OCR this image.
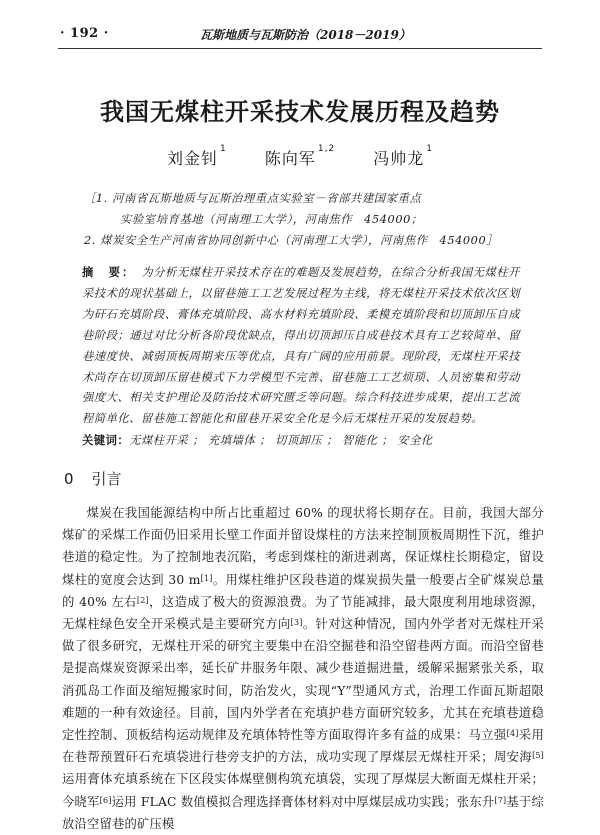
· 192 ·	瓦斯地质与瓦斯防治（2018－2019）
我国无煤柱开采技术发展历程及趋势
刘金钊 $^1$ 陈向军 $^{1,2}$ 冯帅龙 $^1$
［1. 河南省瓦斯地质与瓦斯治理重点实验室－省部共建国家重点
实验室培育基地（河南理工大学），河南焦作　454000；
2. 煤炭安全生产河南省协同创新中心（河南理工大学），河南焦作　454000］
摘　要： 为分析无煤柱开采技术存在的难题及发展趋势，在综合分析我国无煤柱开采技术的现状基础上，以留巷施工工艺发展过程为主线，将无煤柱开采技术依次区划为矸石充填阶段、膏体充填阶段、高水材料充填阶段、柔模充填阶段和切顶卸压自成巷阶段；通过对比分析各阶段优缺点，得出切顶卸压自成巷技术具有工艺较简单、留巷速度快、减弱顶板周期来压等优点，具有广阔的应用前景。现阶段，无煤柱开采技术尚存在切顶卸压留巷模式下力学模型不完善、留巷施工工艺烦琐、人员密集和劳动强度大、相关支护理论及防治技术研究匮乏等问题。综合科技进步成果，提出工艺流程简单化、留巷施工智能化和留巷开采安全化是今后无煤柱开采的发展趋势。
关键词：无煤柱开采 ； 充填墙体 ； 切顶卸压 ； 智能化 ； 安全化
0 引言

煤炭在我国能源结构中所占比重超过 60% 的现状将长期存在。目前，我国大部分煤矿的采煤工作面仍旧采用长壁工作面并留设煤柱的方法来控制顶板周期性下沉，维护巷道的稳定性。为了控制地表沉陷，考虑到煤柱的渐进剥离，保证煤柱长期稳定，留设煤柱的宽度会达到 30 m[1]。用煤柱维护区段巷道的煤炭损失量一般要占全矿煤炭总量的 40% 左右[2]，这造成了极大的资源浪费。为了节能减排，最大限度利用地球资源，无煤柱绿色安全开采模式是主要研究方向[3]。针对这种情况，国内外学者对无煤柱开采做了很多研究，无煤柱开采的研究主要集中在沿空掘巷和沿空留巷两方面。而沿空留巷是提高煤炭资源采出率，延长矿井服务年限、减少巷道掘进量，缓解采掘紧张关系，取消孤岛工作面及缩短搬家时间，防治发火，实现“Y”型通风方式，治理工作面瓦斯超限难题的一种有效途径。目前，国内外学者在充填护巷方面研究较多，尤其在充填巷道稳定性控制、顶板结构运动规律及充填体特性等方面取得许多有益的成果：马立强[4]采用在巷帮预置矸石充填袋进行巷旁支护的方法，成功实现了厚煤层无煤柱开采；周安海[5]运用膏体充填系统在下区段实体煤壁侧构筑充填袋，实现了厚煤层大断面无煤柱开采；今晓军[6]运用 FLAC 数值模拟合理选择膏体材料对中厚煤层成功实践；张东升[7]基于综放沿空留巷的矿压模
